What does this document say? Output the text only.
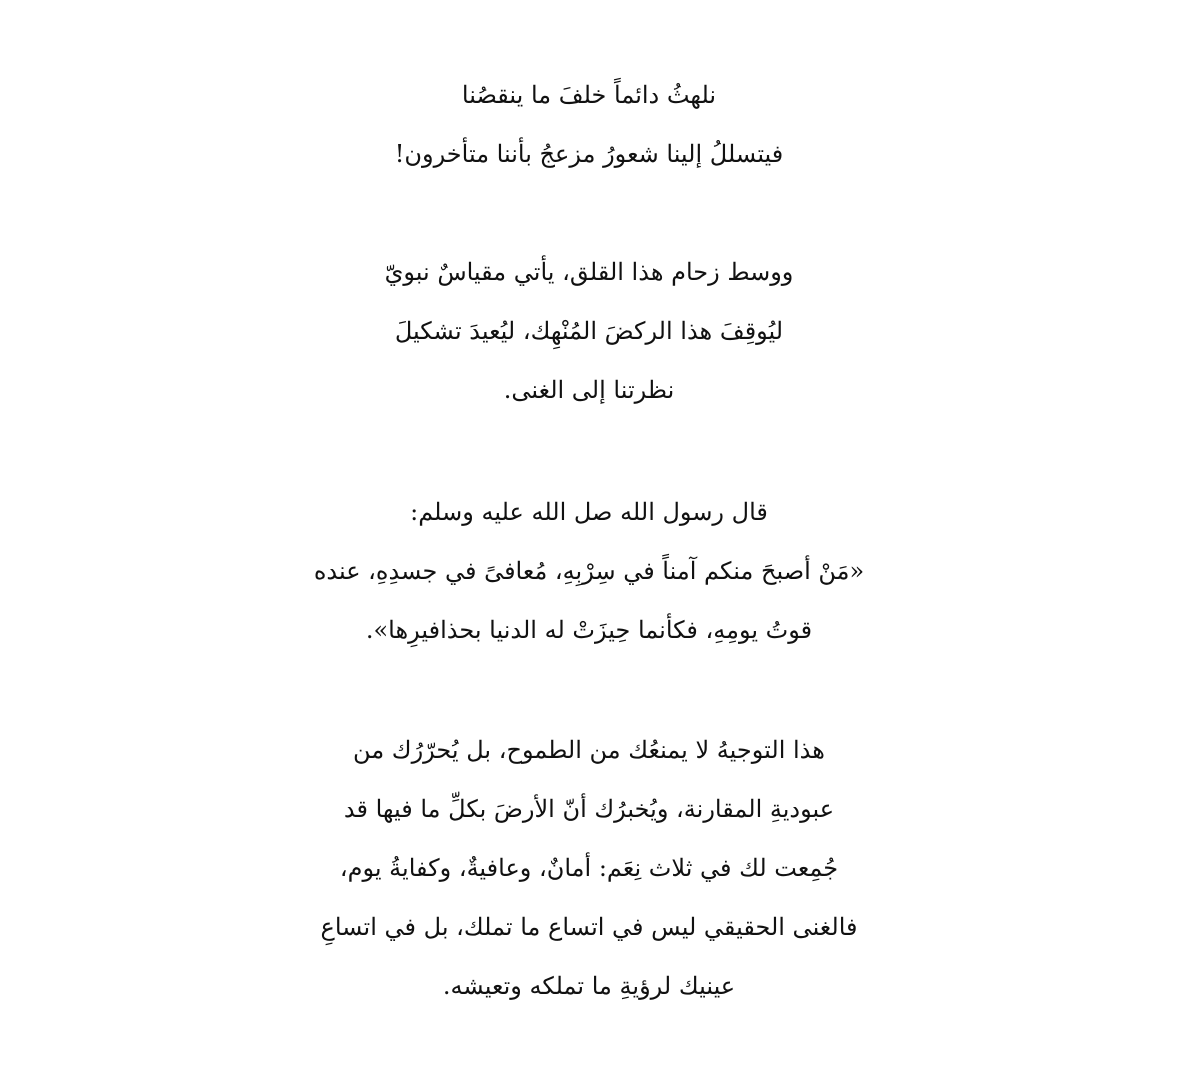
نلهثُ دائماً خلفَ ما ينقصُنا
فيتسللُ إلينا شعورُ مزعجُ بأننا متأخرون!
ووسط زحام هذا القلق، يأتي مقياسٌ نبويّ
ليُوقِفَ هذا الركضَ المُنْهِك، ليُعيدَ تشكيلَ
نظرتنا إلى الغنى.
قال رسول الله صل الله عليه وسلم:
«مَنْ أصبحَ منكم آمناً في سِرْبِهِ، مُعافىً في جسدِهِ، عنده
قوتُ يومِهِ، فكأنما حِيزَتْ له الدنيا بحذافيرِها».
هذا التوجيهُ لا يمنعُك من الطموح، بل يُحرّرُك من
عبوديةِ المقارنة، ويُخبرُك أنّ الأرضَ بكلِّ ما فيها قد
جُمِعت لك في ثلاث نِعَم: أمانٌ، وعافيةٌ، وكفايةُ يوم،
فالغنى الحقيقي ليس في اتساع ما تملك، بل في اتساعِ
عينيك لرؤيةِ ما تملكه وتعيشه.
